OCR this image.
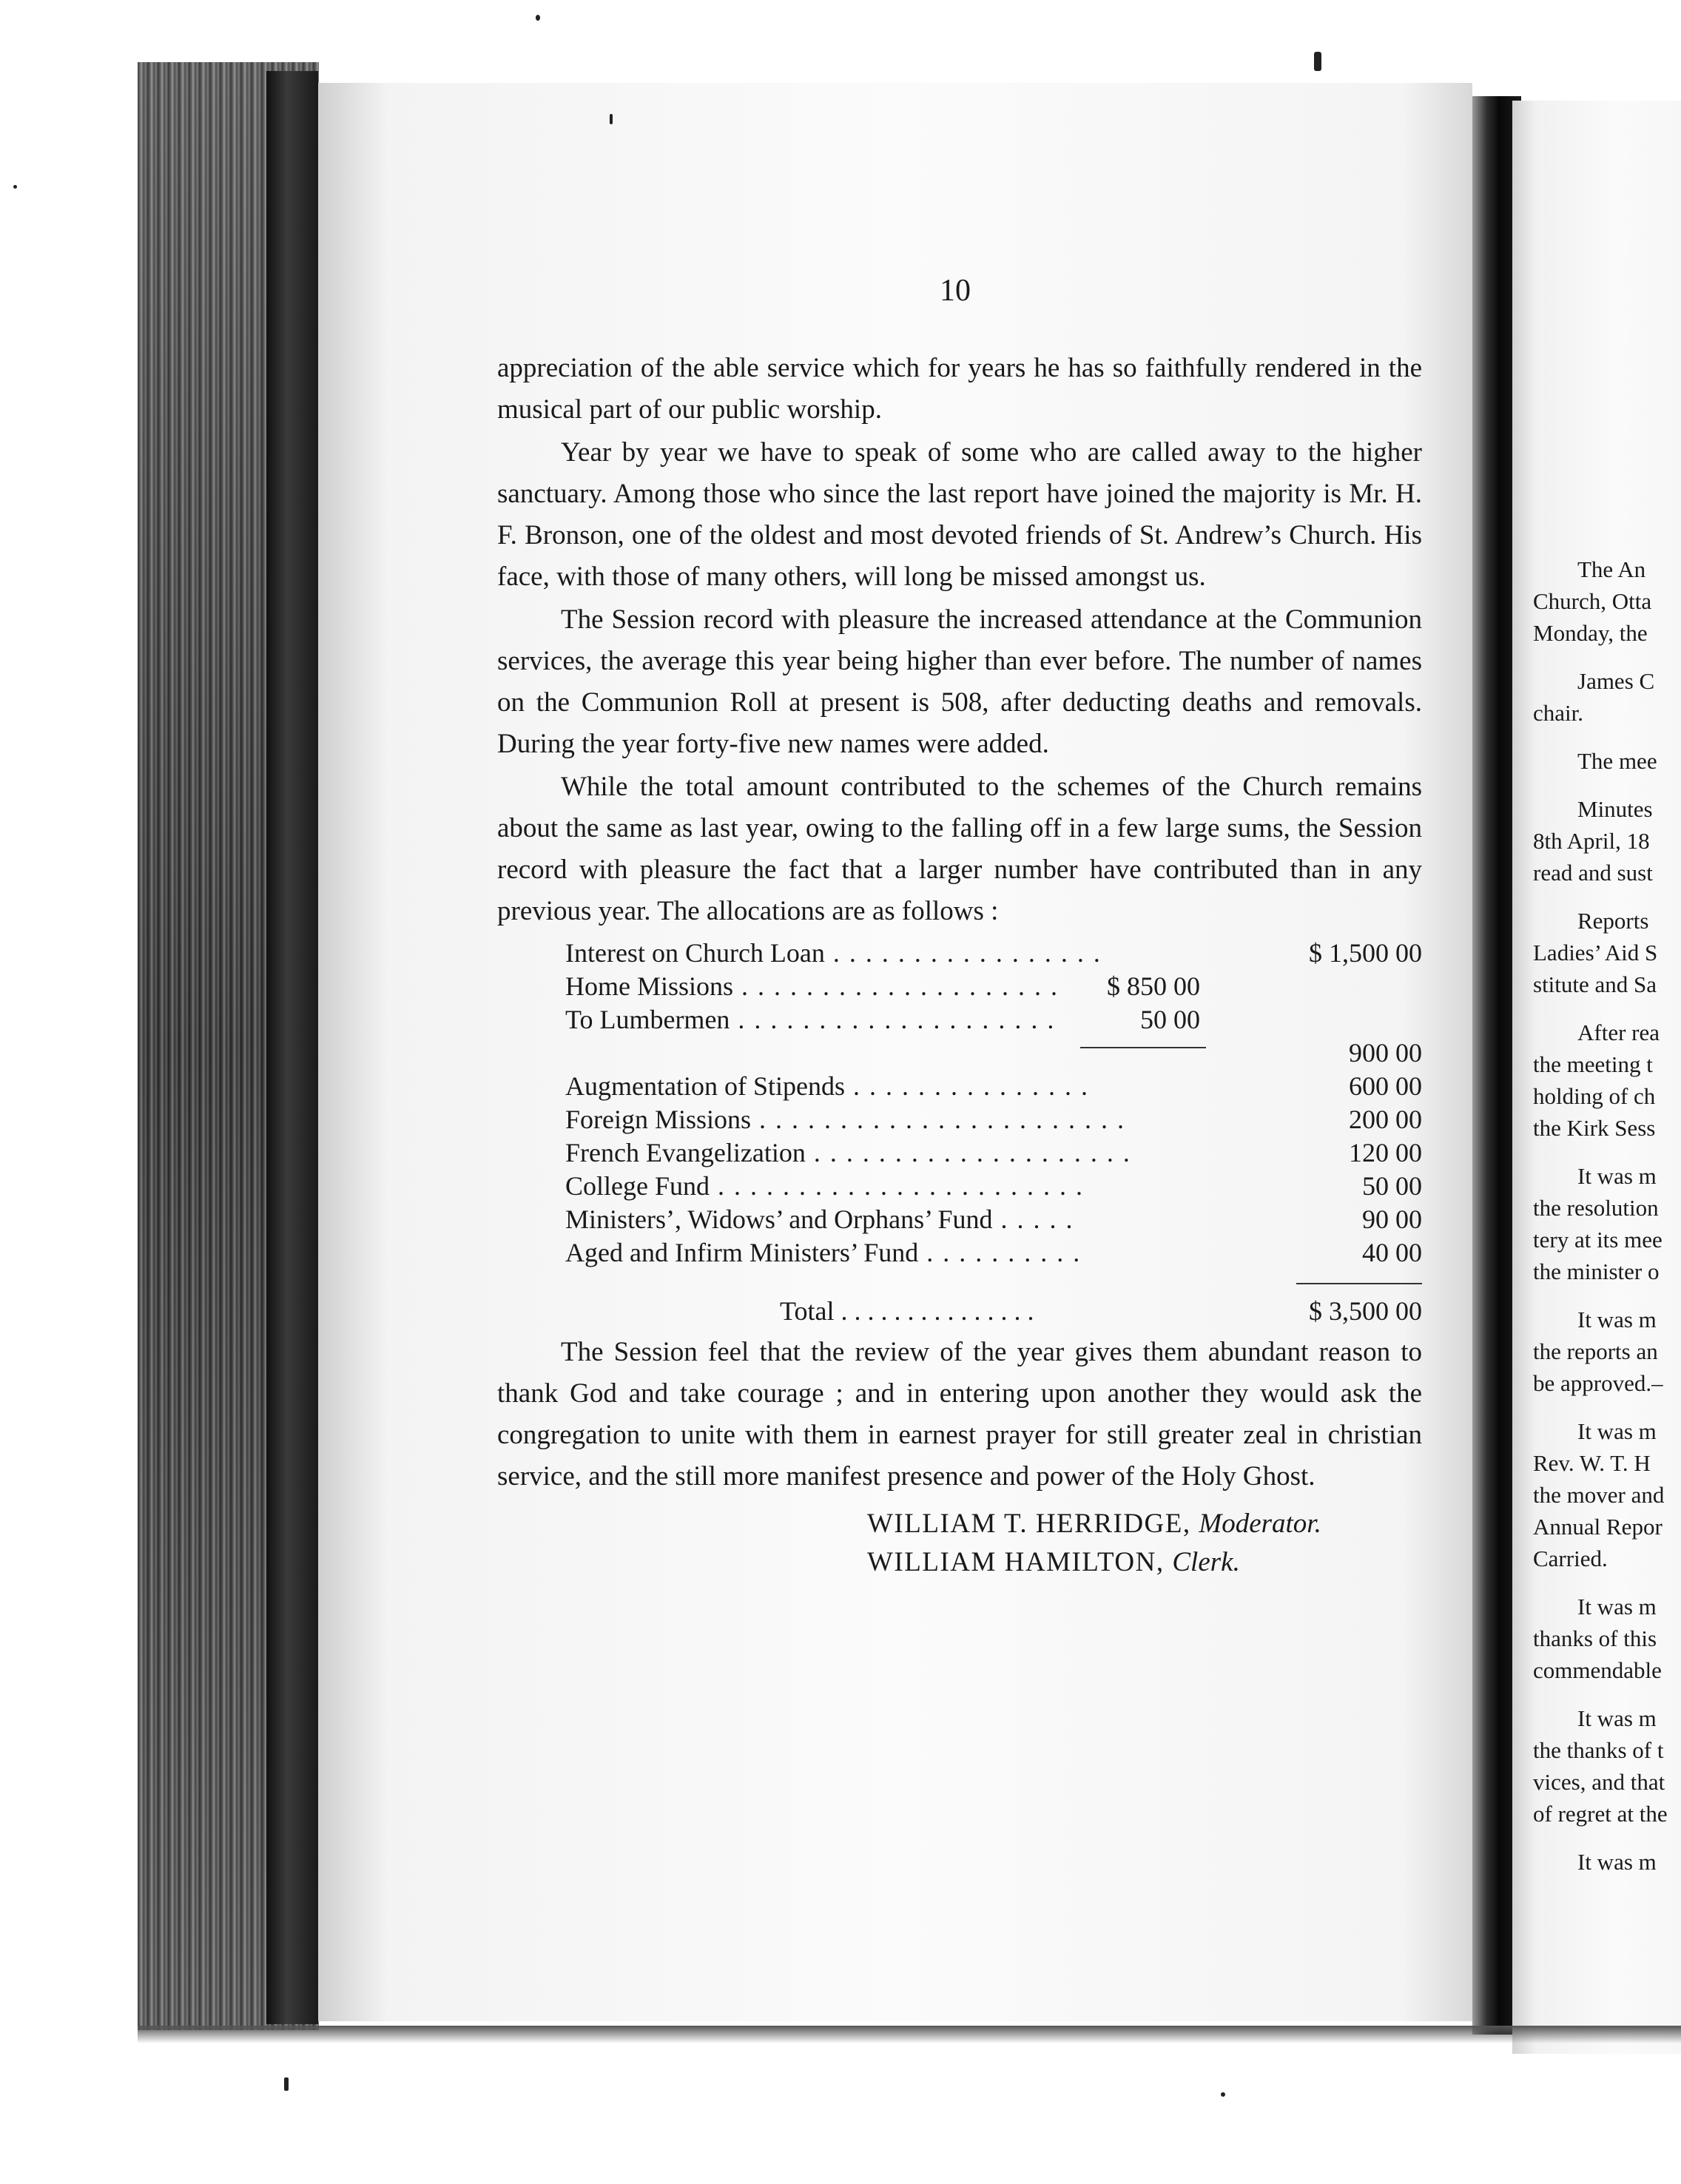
10

appreciation of the able service which for years he has so faithfully rendered in the musical part of our public worship.

Year by year we have to speak of some who are called away to the higher sanctuary. Among those who since the last report have joined the majority is Mr. H. F. Bronson, one of the oldest and most devoted friends of St. Andrew’s Church. His face, with those of many others, will long be missed amongst us.

The Session record with pleasure the increased attendance at the Communion services, the average this year being higher than ever before. The number of names on the Communion Roll at present is 508, after deducting deaths and removals. During the year forty-five new names were added.

While the total amount contributed to the schemes of the Church remains about the same as last year, owing to the falling off in a few large sums, the Session record with pleasure the fact that a larger number have contributed than in any previous year. The allocations are as follows :

Interest on Church Loan . . . . . . . . . . . . . . . . .	$ 1,500 00
Home Missions . . . . . . . . . . . . . . . . . . . . $ 850 00
To Lumbermen . . . . . . . . . . . . . . . . . . . .	50 00
900 00
Augmentation of Stipends . . . . . . . . . . . . . . .	600 00
Foreign Missions . . . . . . . . . . . . . . . . . . . . . . .	200 00
French Evangelization . . . . . . . . . . . . . . . . . . . .	120 00
College Fund . . . . . . . . . . . . . . . . . . . . . . .	50 00
Ministers’, Widows’ and Orphans’ Fund . . . . .	90 00
Aged and Infirm Ministers’ Fund . . . . . . . . . .	40 00
Total . . . . . . . . . . . . . . .	$ 3,500 00

The Session feel that the review of the year gives them abundant reason to thank God and take courage ; and in entering upon another they would ask the congregation to unite with them in earnest prayer for still greater zeal in christian service, and the still more manifest presence and power of the Holy Ghost.

WILLIAM T. HERRIDGE, Moderator.
WILLIAM HAMILTON, Clerk.
The An
Church, Otta
Monday, the
James C
chair.
The mee
Minutes
8th April, 18
read and sust
Reports
Ladies’ Aid S
stitute and Sa
After rea
the meeting t
holding of ch
the Kirk Sess
It was m
the resolution
tery at its mee
the minister o
It was m
the reports an
be approved.–
It was m
Rev. W. T. H
the mover and
Annual Repor
Carried.
It was m
thanks of this
commendable
It was m
the thanks of t
vices, and that
of regret at the
It was m
